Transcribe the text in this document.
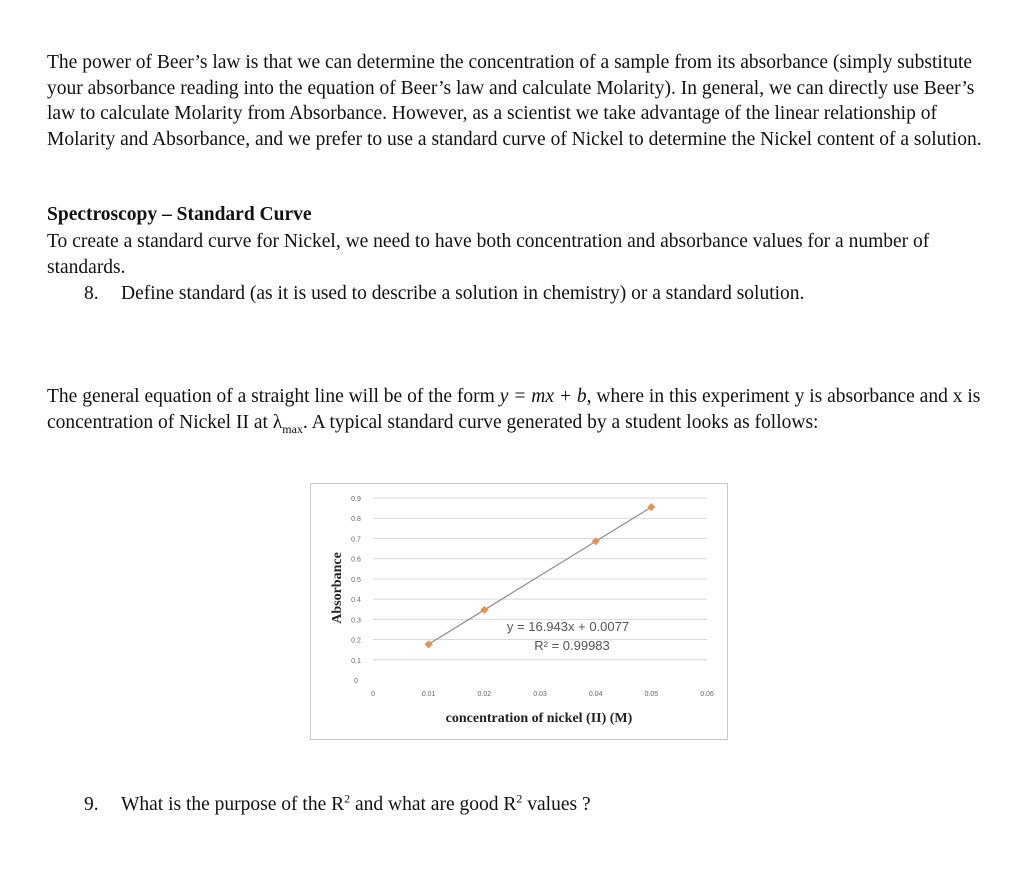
The power of Beer’s law is that we can determine the concentration of a sample from its absorbance (simply substitute your absorbance reading into the equation of Beer’s law and calculate Molarity). In general, we can directly use Beer’s law to calculate Molarity from Absorbance. However, as a scientist we take advantage of the linear relationship of Molarity and Absorbance, and we prefer to use a standard curve of Nickel to determine the Nickel content of a solution.
Spectroscopy – Standard Curve
To create a standard curve for Nickel, we need to have both concentration and absorbance values for a number of standards.
8. Define standard (as it is used to describe a solution in chemistry) or a standard solution.
The general equation of a straight line will be of the form y = mx + b, where in this experiment y is absorbance and x is concentration of Nickel II at $\lambda_{max}$. A typical standard curve generated by a student looks as follows:
0
0.1
0.2
0.3
0.4
0.5
0.6
0.7
0.8
0.9
0	0.01	0.02	0.03	0.04	0.05	0.06
y = 16.943x + 0.0077
R² = 0.99983
concentration of nickel (II) (M)
Absorbance
9. What is the purpose of the $R^2$ and what are good $R^2$ values ?
